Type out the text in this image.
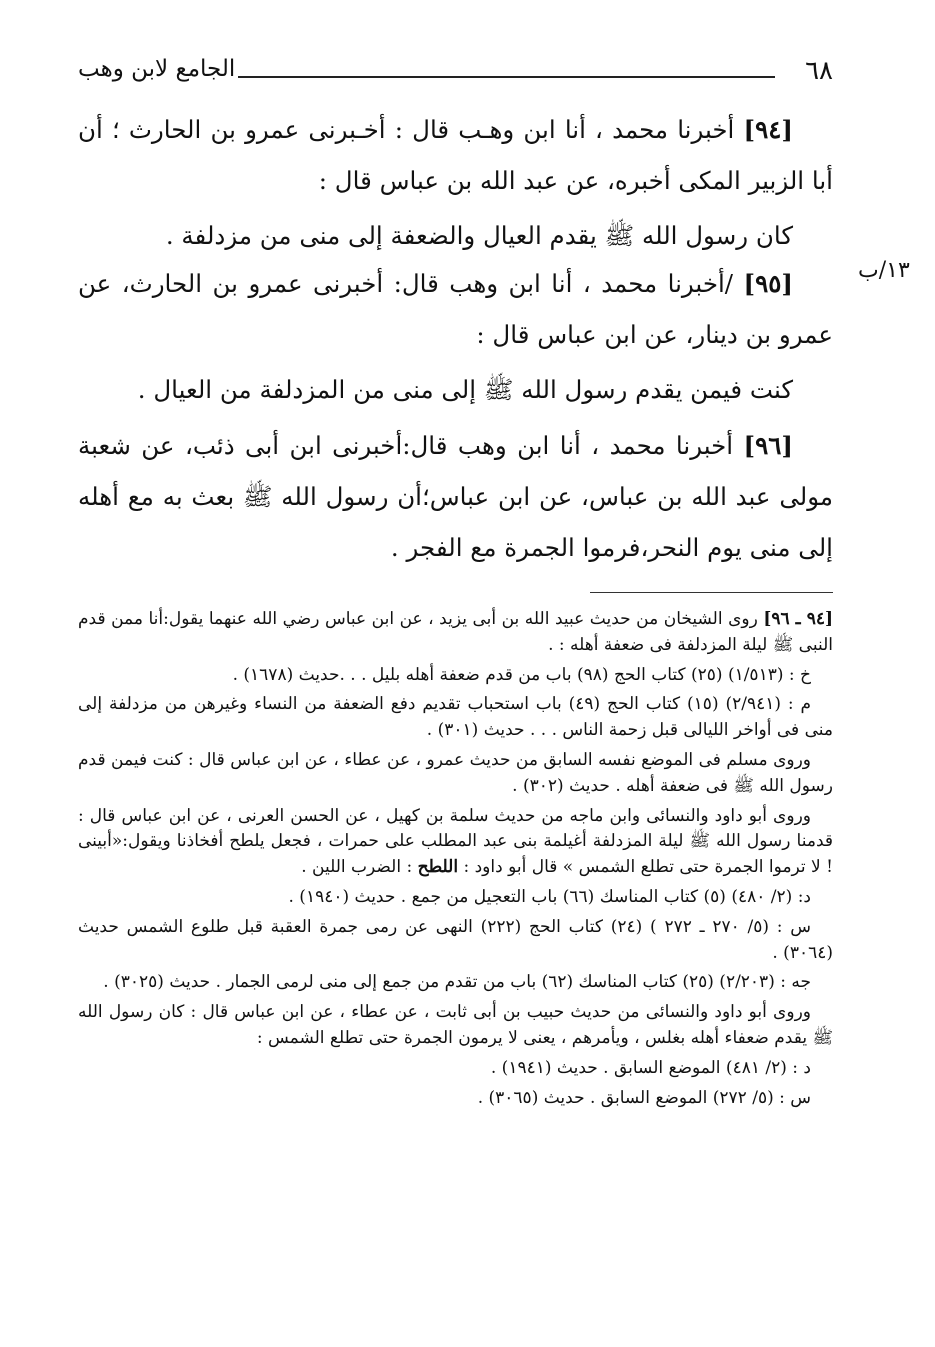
٦٨
الجامع لابن وهب

[٩٤] أخبرنا محمد ، أنا ابن وهـب قال : أخـبرنى عمرو بن الحارث ؛ أن أبا الزبير المكى أخبره، عن عبد الله بن عباس قال :

كان رسول الله ﷺ يقدم العيال والضعفة إلى منى من مزدلفة .

١٣/ب

[٩٥] /أخبرنا محمد ، أنا ابن وهب قال: أخبرنى عمرو بن الحارث، عن عمرو بن دينار، عن ابن عباس قال :

كنت فيمن يقدم رسول الله ﷺ إلى منى من المزدلفة من العيال .

[٩٦] أخبرنا محمد ، أنا ابن وهب قال:أخبرنى ابن أبى ذئب، عن شعبة مولى عبد الله بن عباس، عن ابن عباس؛أن رسول الله ﷺ بعث به مع أهله إلى منى يوم النحر،فرموا الجمرة مع الفجر .

[٩٤ ـ ٩٦] روى الشيخان من حديث عبيد الله بن أبى يزيد ، عن ابن عباس رضي الله عنهما يقول:أنا ممن قدم النبى ﷺ ليلة المزدلفة فى ضعفة أهله : .

خ : (١/٥١٣) (٢٥) كتاب الحج (٩٨) باب من قدم ضعفة أهله بليل . . .حديث (١٦٧٨) .

م : (٢/٩٤١) (١٥) كتاب الحج (٤٩) باب استحباب تقديم دفع الضعفة من النساء وغيرهن من مزدلفة إلى منى فى أواخر الليالى قبل زحمة الناس . . . حديث (٣٠١) .

وروى مسلم فى الموضع نفسه السابق من حديث عمرو ، عن عطاء ، عن ابن عباس قال : كنت فيمن قدم رسول الله ﷺ فى ضعفة أهله . حديث (٣٠٢) .

وروى أبو داود والنسائى وابن ماجه من حديث سلمة بن كهيل ، عن الحسن العرنى ، عن ابن عباس قال : قدمنا رسول الله ﷺ ليلة المزدلفة أغيلمة بنى عبد المطلب على حمرات ، فجعل يلطح أفخاذنا ويقول:«أبينى ! لا ترموا الجمرة حتى تطلع الشمس » قال أبو داود : اللطح : الضرب اللين .

د: (٢/ ٤٨٠) (٥) كتاب المناسك (٦٦) باب التعجيل من جمع . حديث (١٩٤٠) .

س : (٥/ ٢٧٠ ـ ٢٧٢ ) (٢٤) كتاب الحج (٢٢٢) النهى عن رمى جمرة العقبة قبل طلوع الشمس حديث (٣٠٦٤) .

جه : (٢/٢٠٣) (٢٥) كتاب المناسك (٦٢) باب من تقدم من جمع إلى منى لرمى الجمار . حديث (٣٠٢٥) .

وروى أبو داود والنسائى من حديث حبيب بن أبى ثابت ، عن عطاء ، عن ابن عباس قال : كان رسول الله ﷺ يقدم ضعفاء أهله بغلس ، ويأمرهم ، يعنى لا يرمون الجمرة حتى تطلع الشمس :

د : (٢/ ٤٨١) الموضع السابق . حديث (١٩٤١) .

س : (٥/ ٢٧٢) الموضع السابق . حديث (٣٠٦٥) .
